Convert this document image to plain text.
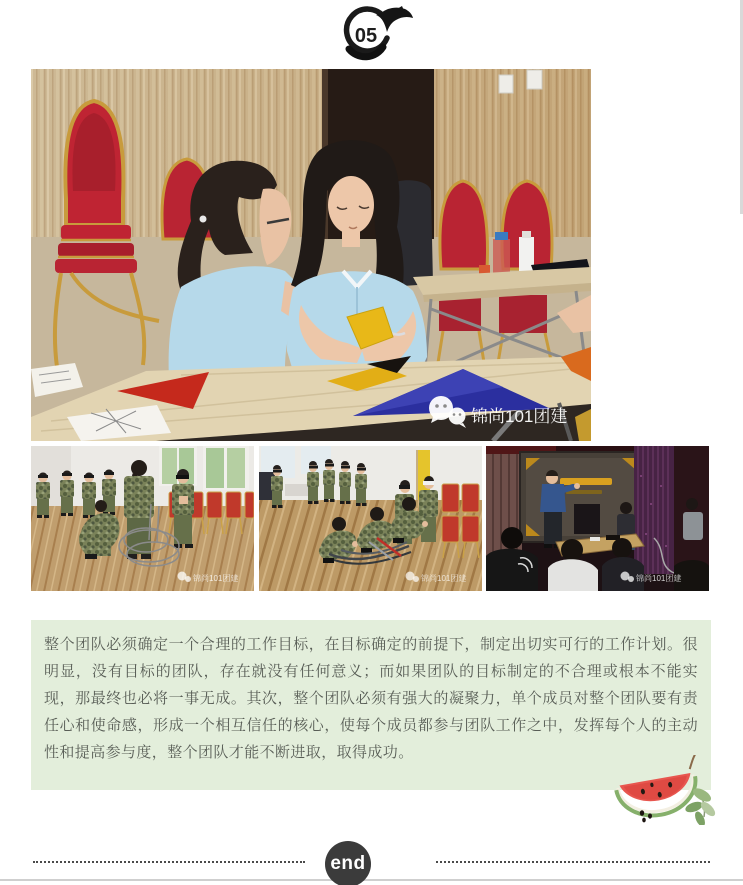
05
锦尚101团建
锦尚101团建	锦尚101团建	锦尚101团建

整个团队必须确定一个合理的工作目标，在目标确定的前提下，制定出切实可行的工作计划。很明显，没有目标的团队，存在就没有任何意义；而如果团队的目标制定的不合理或根本不能实现，那最终也必将一事无成。其次，整个团队必须有强大的凝聚力，单个成员对整个团队要有责任心和使命感，形成一个相互信任的核心，使每个成员都参与团队工作之中，发挥每个人的主动性和提高参与度，整个团队才能不断进取，取得成功。

end
